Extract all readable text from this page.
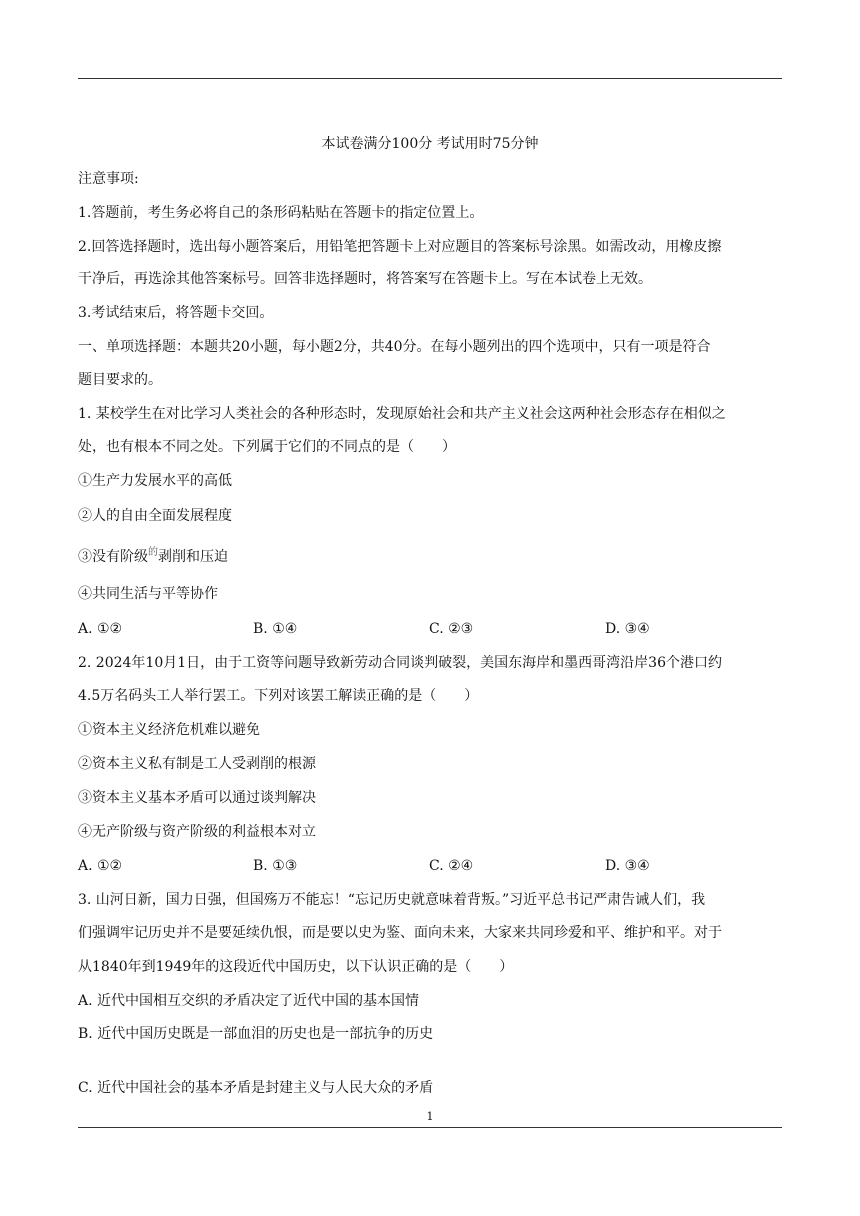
本试卷满分100分 考试用时75分钟
注意事项:
1.答题前，考生务必将自己的条形码粘贴在答题卡的指定位置上。
2.回答选择题时，选出每小题答案后，用铅笔把答题卡上对应题目的答案标号涂黑。如需改动，用橡皮擦
干净后，再选涂其他答案标号。回答非选择题时，将答案写在答题卡上。写在本试卷上无效。
3.考试结束后，将答题卡交回。
一、单项选择题：本题共20小题，每小题2分，共40分。在每小题列出的四个选项中，只有一项是符合
题目要求的。
1. 某校学生在对比学习人类社会的各种形态时，发现原始社会和共产主义社会这两种社会形态存在相似之
处，也有根本不同之处。下列属于它们的不同点的是（　　）
①生产力发展水平的高低
②人的自由全面发展程度
③没有阶级$^的$剥削和压迫
④共同生活与平等协作
A. ①②	B. ①④	C. ②③	D. ③④
2. 2024年10月1日，由于工资等问题导致新劳动合同谈判破裂，美国东海岸和墨西哥湾沿岸36个港口约
4.5万名码头工人举行罢工。下列对该罢工解读正确的是（　　）
①资本主义经济危机难以避免
②资本主义私有制是工人受剥削的根源
③资本主义基本矛盾可以通过谈判解决
④无产阶级与资产阶级的利益根本对立
A. ①②	B. ①③	C. ②④	D. ③④
3. 山河日新，国力日强，但国殇万不能忘！“忘记历史就意味着背叛。”习近平总书记严肃告诫人们，我
们强调牢记历史并不是要延续仇恨，而是要以史为鉴、面向未来，大家来共同珍爱和平、维护和平。对于
从1840年到1949年的这段近代中国历史，以下认识正确的是（　　）
A. 近代中国相互交织的矛盾决定了近代中国的基本国情
B. 近代中国历史既是一部血泪的历史也是一部抗争的历史
C. 近代中国社会的基本矛盾是封建主义与人民大众的矛盾
1
